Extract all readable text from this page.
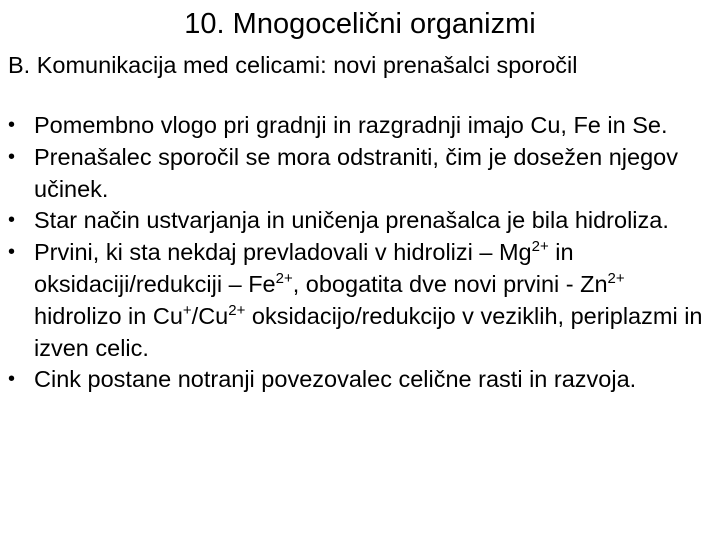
10. Mnogocelični organizmi
B. Komunikacija med celicami: novi prenašalci sporočil
• Pomembno vlogo pri gradnji in razgradnji imajo Cu, Fe in Se.
• Prenašalec sporočil se mora odstraniti, čim je dosežen njegov učinek.
• Star način ustvarjanja in uničenja prenašalca je bila hidroliza.
• Prvini, ki sta nekdaj prevladovali v hidrolizi – $Mg^{2+}$ in oksidaciji/redukciji – $Fe^{2+}$, obogatita dve novi prvini - $Zn^{2+}$ hidrolizo in $Cu^+/Cu^{2+}$ oksidacijo/redukcijo v veziklih, periplazmi in izven celic.
• Cink postane notranji povezovalec celične rasti in razvoja.
